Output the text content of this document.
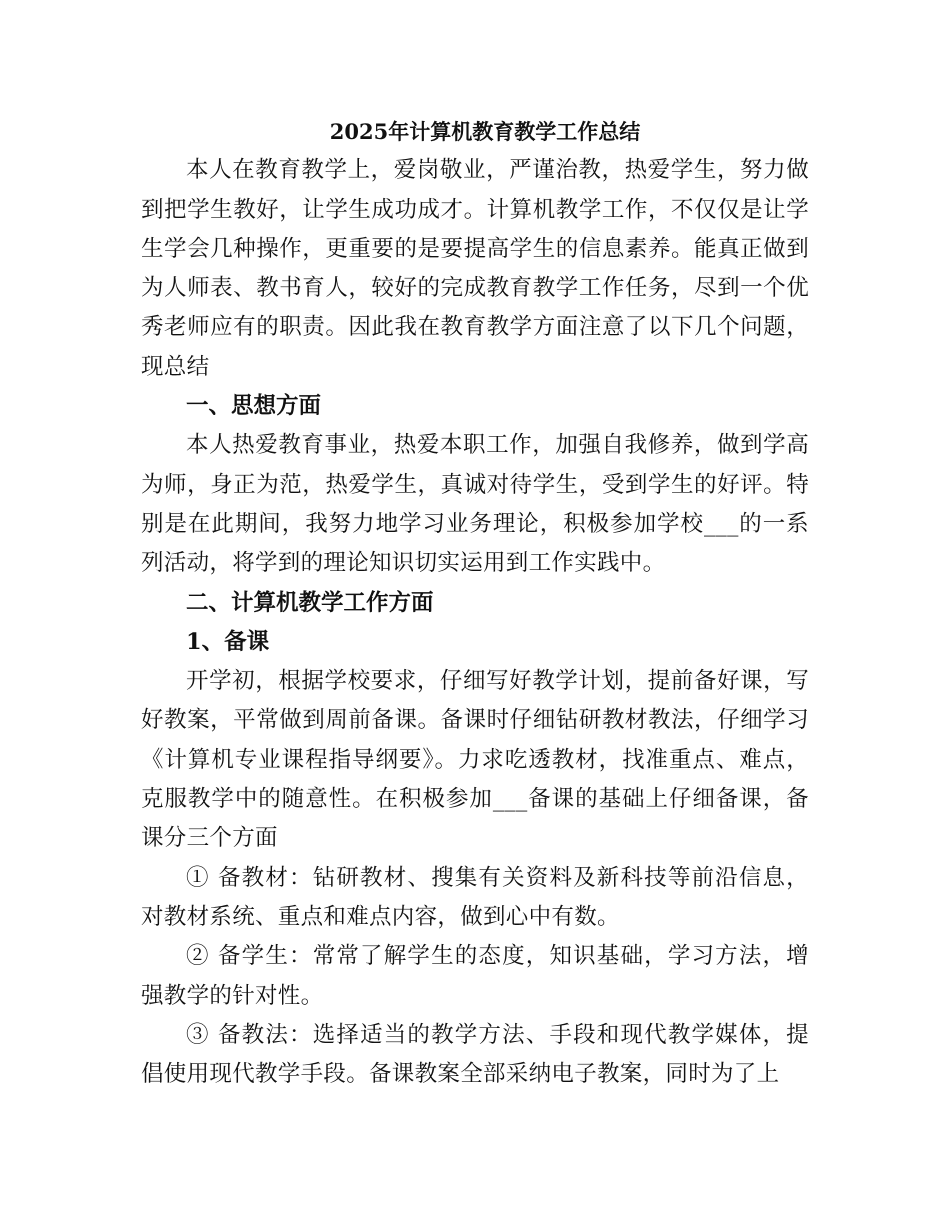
2025年计算机教育教学工作总结

本人在教育教学上，爱岗敬业，严谨治教，热爱学生，努力做到把学生教好，让学生成功成才。计算机教学工作，不仅仅是让学生学会几种操作，更重要的是要提高学生的信息素养。能真正做到为人师表、教书育人，较好的完成教育教学工作任务，尽到一个优秀老师应有的职责。因此我在教育教学方面注意了以下几个问题，现总结

一、思想方面

本人热爱教育事业，热爱本职工作，加强自我修养，做到学高为师，身正为范，热爱学生，真诚对待学生，受到学生的好评。特别是在此期间，我努力地学习业务理论，积极参加学校___的一系列活动，将学到的理论知识切实运用到工作实践中。

二、计算机教学工作方面

1、备课

开学初，根据学校要求，仔细写好教学计划，提前备好课，写好教案，平常做到周前备课。备课时仔细钻研教材教法，仔细学习《计算机专业课程指导纲要》。力求吃透教材，找准重点、难点，克服教学中的随意性。在积极参加___备课的基础上仔细备课，备课分三个方面

① 备教材：钻研教材、搜集有关资料及新科技等前沿信息，对教材系统、重点和难点内容，做到心中有数。

② 备学生：常常了解学生的态度，知识基础，学习方法，增强教学的针对性。

③ 备教法：选择适当的教学方法、手段和现代教学媒体，提倡使用现代教学手段。备课教案全部采纳电子教案，同时为了上
